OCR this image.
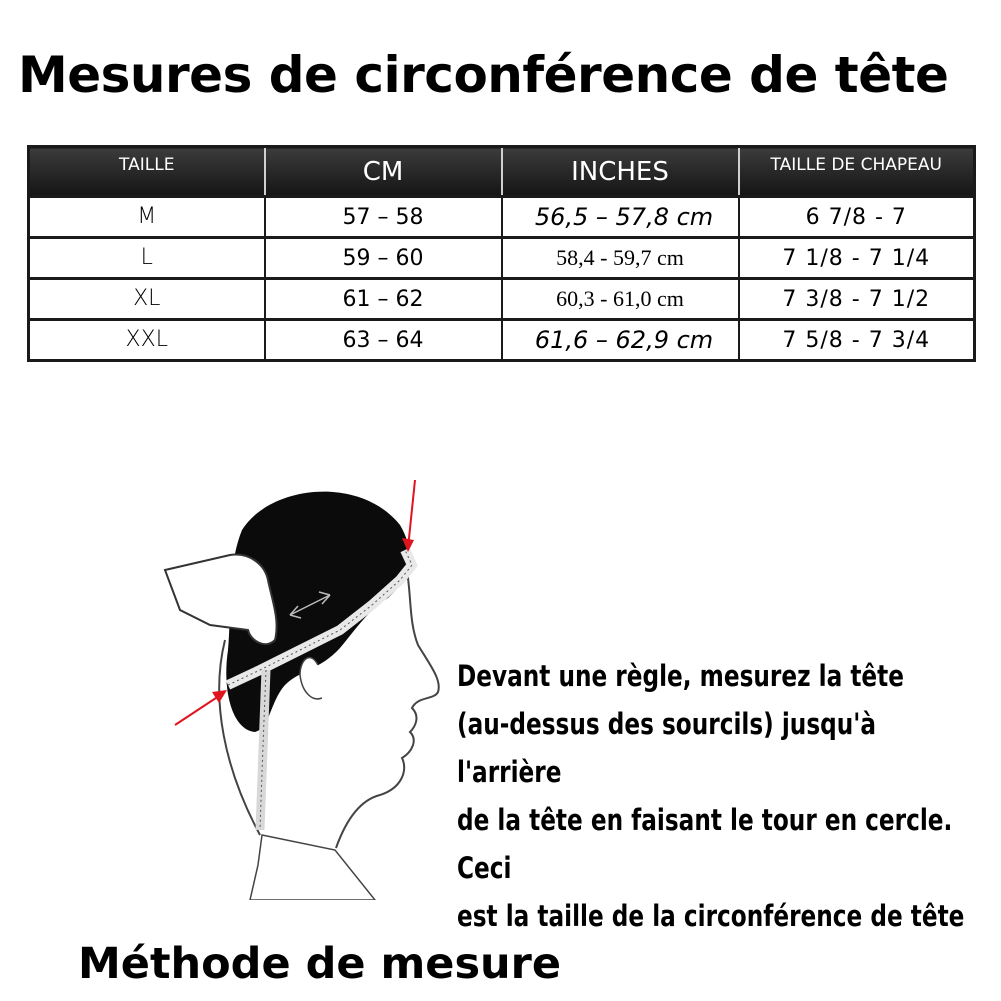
Mesures de circonférence de tête
TAILLE	CM	INCHES	TAILLE DE CHAPEAU

M	57 – 58	56,5 – 57,8 cm	6 7/8 - 7
L	59 – 60	58,4 - 59,7 cm	7 1/8 - 7 1/4
XL	61 – 62	60,3 - 61,0 cm	7 3/8 - 7 1/2
XXL	63 – 64	61,6 – 62,9 cm	7 5/8 - 7 3/4
Devant une règle, mesurez la tête
(au-dessus des sourcils) jusqu'à l'arrière
de la tête en faisant le tour en cercle. Ceci
est la taille de la circonférence de tête
Méthode de mesure
